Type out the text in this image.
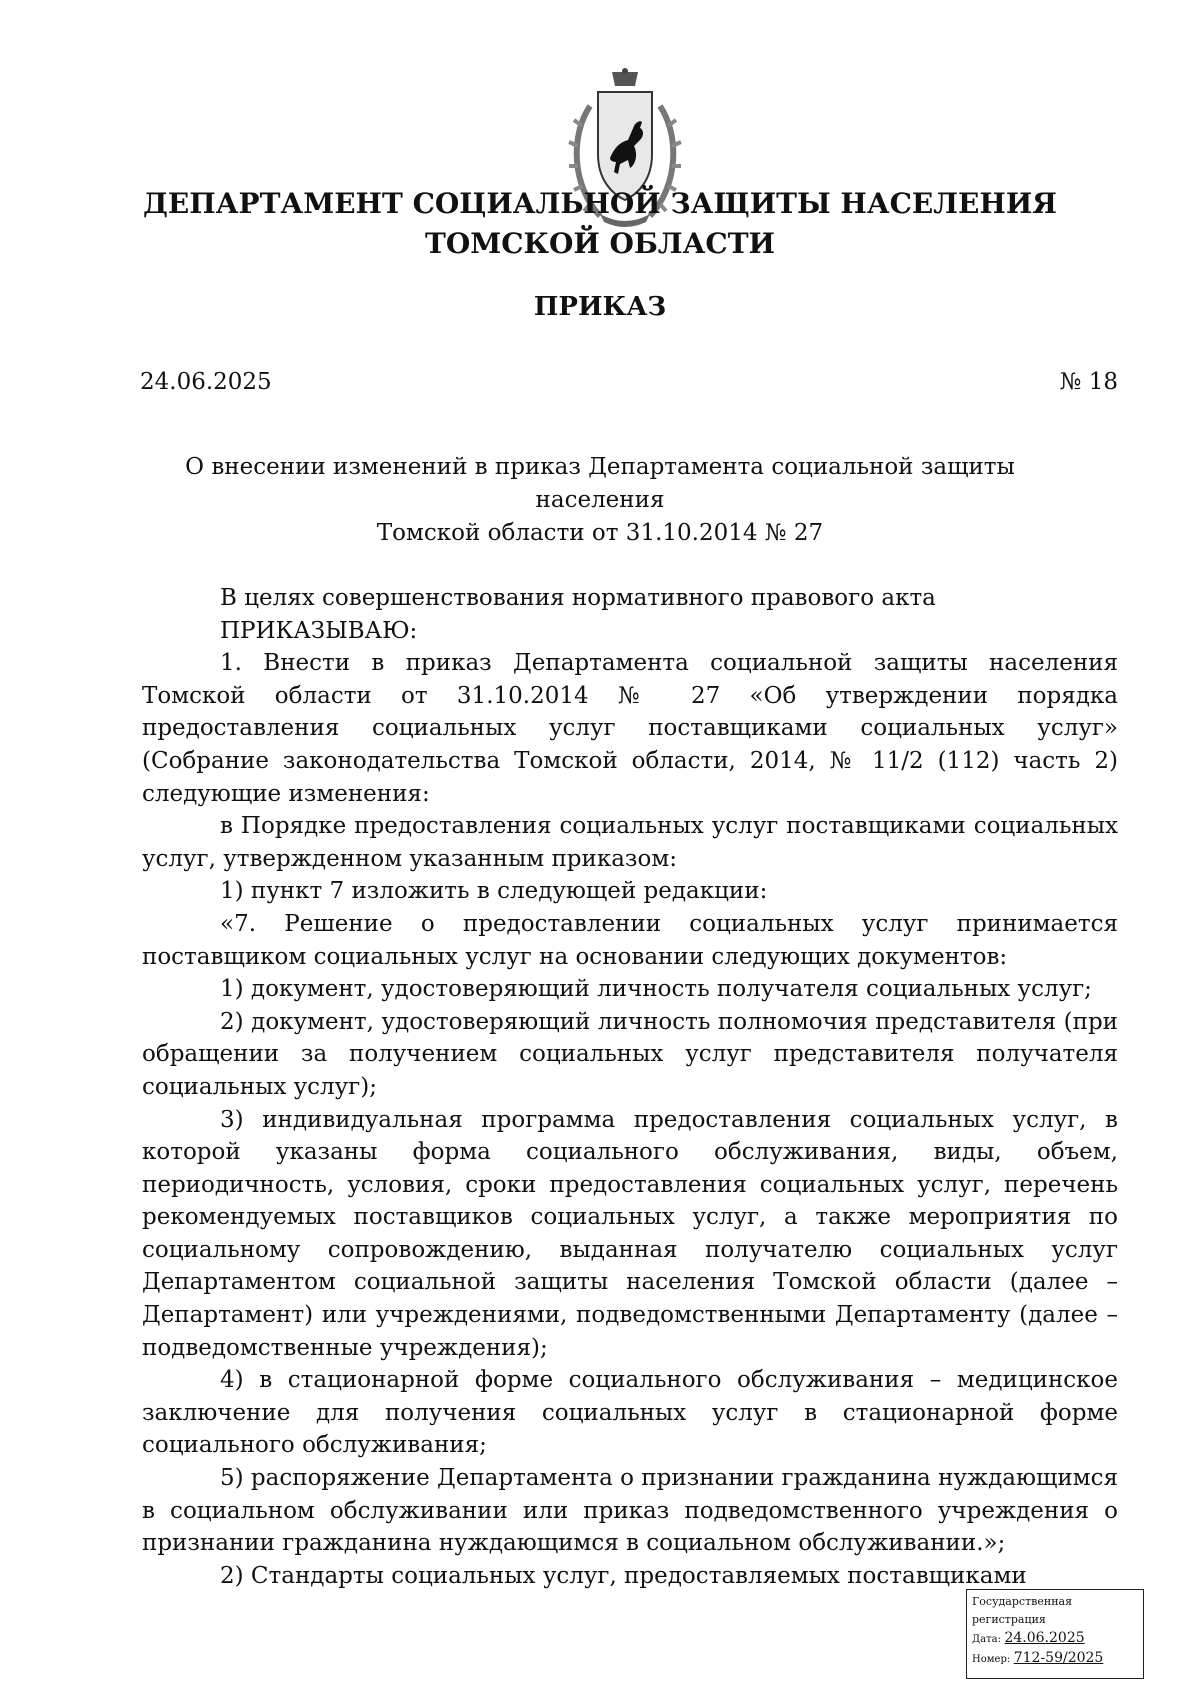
ДЕПАРТАМЕНТ СОЦИАЛЬНОЙ ЗАЩИТЫ НАСЕЛЕНИЯ
ТОМСКОЙ ОБЛАСТИ
ПРИКАЗ
24.06.2025	№ 18
О внесении изменений в приказ Департамента социальной защиты населения
Томской области от 31.10.2014 № 27

В целях совершенствования нормативного правового акта

ПРИКАЗЫВАЮ:

1. Внести в приказ Департамента социальной защиты населения Томской области от 31.10.2014 № 27 «Об утверждении порядка предоставления социальных услуг поставщиками социальных услуг» (Собрание законодательства Томской области, 2014, № 11/2 (112) часть 2) следующие изменения:

в Порядке предоставления социальных услуг поставщиками социальных услуг, утвержденном указанным приказом:

1) пункт 7 изложить в следующей редакции:

«7. Решение о предоставлении социальных услуг принимается поставщиком социальных услуг на основании следующих документов:

1) документ, удостоверяющий личность получателя социальных услуг;

2) документ, удостоверяющий личность полномочия представителя (при обращении за получением социальных услуг представителя получателя социальных услуг);

3) индивидуальная программа предоставления социальных услуг, в которой указаны форма социального обслуживания, виды, объем, периодичность, условия, сроки предоставления социальных услуг, перечень рекомендуемых поставщиков социальных услуг, а также мероприятия по социальному сопровождению, выданная получателю социальных услуг Департаментом социальной защиты населения Томской области (далее – Департамент) или учреждениями, подведомственными Департаменту (далее – подведомственные учреждения);

4) в стационарной форме социального обслуживания – медицинское заключение для получения социальных услуг в стационарной форме социального обслуживания;

5) распоряжение Департамента о признании гражданина нуждающимся в социальном обслуживании или приказ подведомственного учреждения о признании гражданина нуждающимся в социальном обслуживании.»;

2) Стандарты социальных услуг, предоставляемых поставщиками

Государственная регистрация
Дата: 24.06.2025
Номер: 712-59/2025
